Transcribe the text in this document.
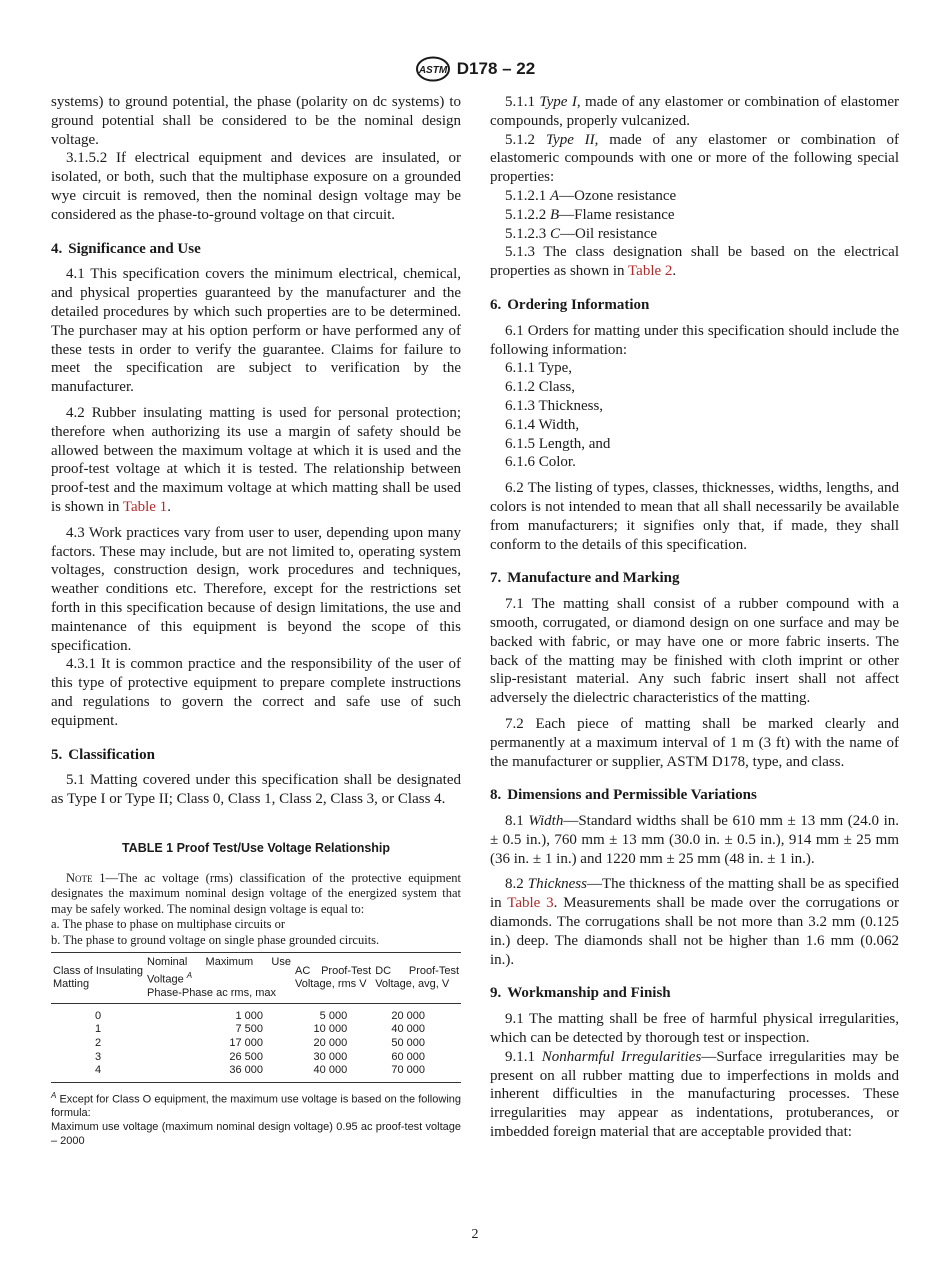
ASTM D178 – 22

systems) to ground potential, the phase (polarity on dc systems) to ground potential shall be considered to be the nominal design voltage.

3.1.5.2 If electrical equipment and devices are insulated, or isolated, or both, such that the multiphase exposure on a grounded wye circuit is removed, then the nominal design voltage may be considered as the phase-to-ground voltage on that circuit.

4. Significance and Use

4.1 This specification covers the minimum electrical, chemical, and physical properties guaranteed by the manufacturer and the detailed procedures by which such properties are to be determined. The purchaser may at his option perform or have performed any of these tests in order to verify the guarantee. Claims for failure to meet the specification are subject to verification by the manufacturer.

4.2 Rubber insulating matting is used for personal protection; therefore when authorizing its use a margin of safety should be allowed between the maximum voltage at which it is used and the proof-test voltage at which it is tested. The relationship between proof-test and the maximum voltage at which matting shall be used is shown in Table 1.

4.3 Work practices vary from user to user, depending upon many factors. These may include, but are not limited to, operating system voltages, construction design, work procedures and techniques, weather conditions etc. Therefore, except for the restrictions set forth in this specification because of design limitations, the use and maintenance of this equipment is beyond the scope of this specification.

4.3.1 It is common practice and the responsibility of the user of this type of protective equipment to prepare complete instructions and regulations to govern the correct and safe use of such equipment.

5. Classification

5.1 Matting covered under this specification shall be designated as Type I or Type II; Class 0, Class 1, Class 2, Class 3, or Class 4.

TABLE 1 Proof Test/Use Voltage Relationship
Note 1—The ac voltage (rms) classification of the protective equipment designates the maximum nominal design voltage of the energized system that may be safely worked. The nominal design voltage is equal to:
a. The phase to phase on multiphase circuits or
b. The phase to ground voltage on single phase grounded circuits.
Class of Insulating Matting	Nominal Maximum Use Voltage $^A$
Phase-Phase ac rms, max	AC Proof-Test Voltage, rms V	DC Proof-Test Voltage, avg, V
0	1 000	5 000	20 000
1	7 500	10 000	40 000
2	17 000	20 000	50 000
3	26 500	30 000	60 000
4	36 000	40 000	70 000
$^A$ Except for Class O equipment, the maximum use voltage is based on the following formula:
Maximum use voltage (maximum nominal design voltage) 0.95 ac proof-test voltage – 2000

5.1.1 Type I, made of any elastomer or combination of elastomer compounds, properly vulcanized.

5.1.2 Type II, made of any elastomer or combination of elastomeric compounds with one or more of the following special properties:

5.1.2.1 A—Ozone resistance

5.1.2.2 B—Flame resistance

5.1.2.3 C—Oil resistance

5.1.3 The class designation shall be based on the electrical properties as shown in Table 2.

6. Ordering Information

6.1 Orders for matting under this specification should include the following information:

6.1.1 Type,

6.1.2 Class,

6.1.3 Thickness,

6.1.4 Width,

6.1.5 Length, and

6.1.6 Color.

6.2 The listing of types, classes, thicknesses, widths, lengths, and colors is not intended to mean that all shall necessarily be available from manufacturers; it signifies only that, if made, they shall conform to the details of this specification.

7. Manufacture and Marking

7.1 The matting shall consist of a rubber compound with a smooth, corrugated, or diamond design on one surface and may be backed with fabric, or may have one or more fabric inserts. The back of the matting may be finished with cloth imprint or other slip-resistant material. Any such fabric insert shall not affect adversely the dielectric characteristics of the matting.

7.2 Each piece of matting shall be marked clearly and permanently at a maximum interval of 1 m (3 ft) with the name of the manufacturer or supplier, ASTM D178, type, and class.

8. Dimensions and Permissible Variations

8.1 Width—Standard widths shall be 610 mm ± 13 mm (24.0 in. ± 0.5 in.), 760 mm ± 13 mm (30.0 in. ± 0.5 in.), 914 mm ± 25 mm (36 in. ± 1 in.) and 1220 mm ± 25 mm (48 in. ± 1 in.).

8.2 Thickness—The thickness of the matting shall be as specified in Table 3. Measurements shall be made over the corrugations or diamonds. The corrugations shall be not more than 3.2 mm (0.125 in.) deep. The diamonds shall not be higher than 1.6 mm (0.062 in.).

9. Workmanship and Finish

9.1 The matting shall be free of harmful physical irregularities, which can be detected by thorough test or inspection.

9.1.1 Nonharmful Irregularities—Surface irregularities may be present on all rubber matting due to imperfections in molds and inherent difficulties in the manufacturing processes. These irregularities may appear as indentations, protuberances, or imbedded foreign material that are acceptable provided that:

2
